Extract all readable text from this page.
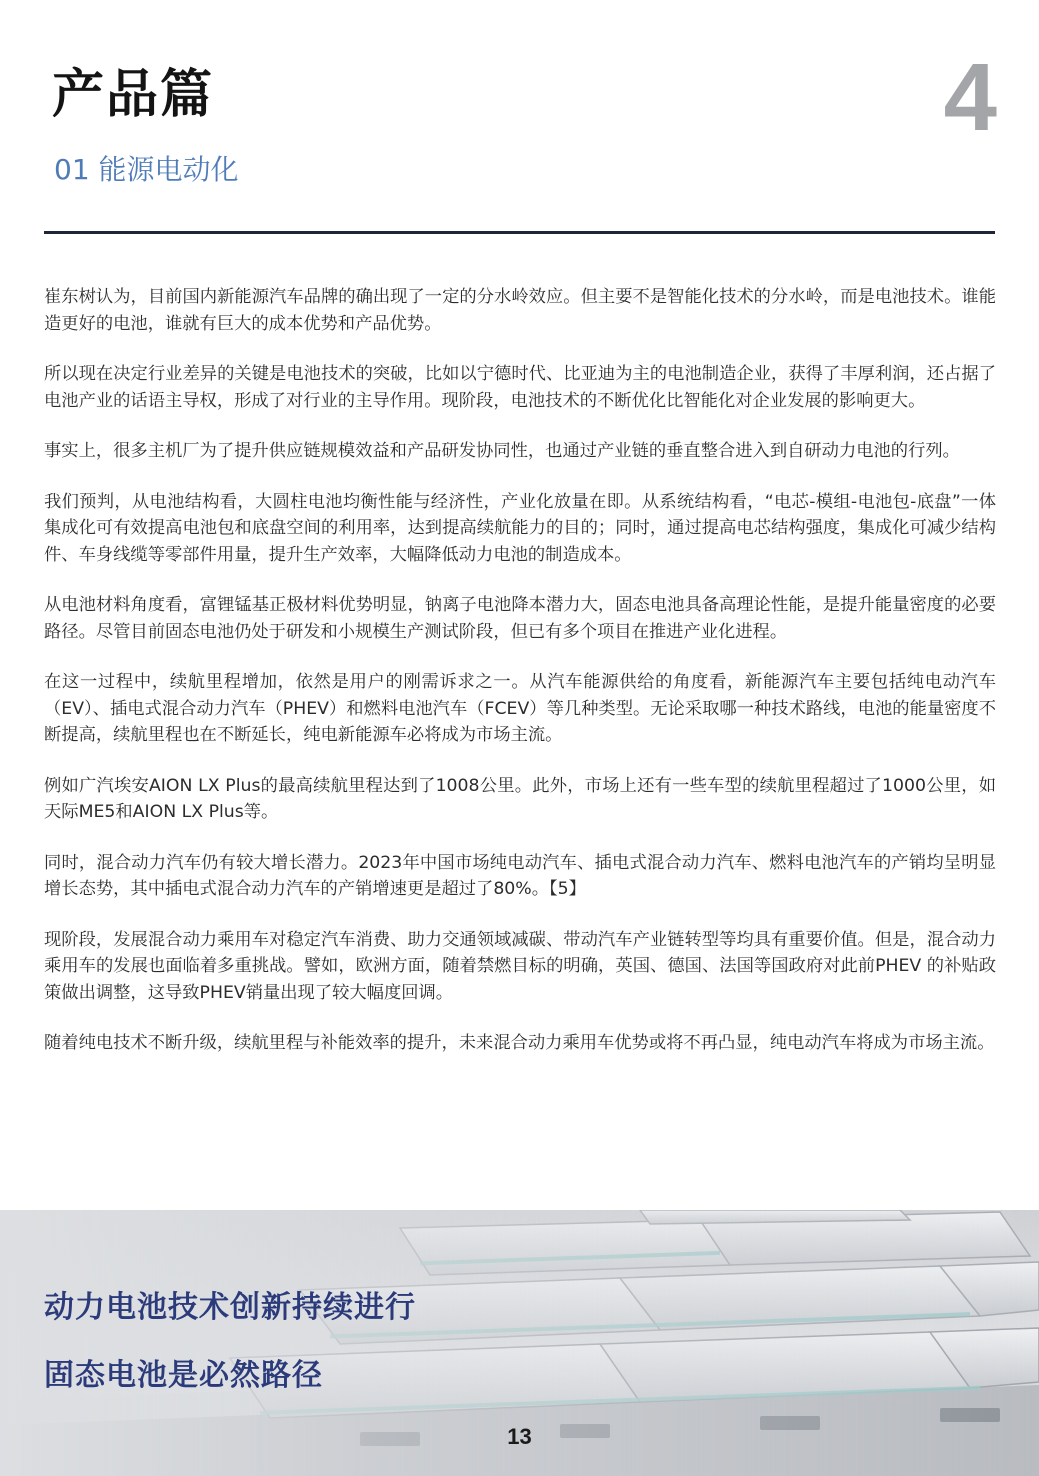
产品篇	4
01 能源电动化

崔东树认为，目前国内新能源汽车品牌的确出现了一定的分水岭效应。但主要不是智能化技术的分水岭，而是电池技术。谁能造更好的电池，谁就有巨大的成本优势和产品优势。

所以现在决定行业差异的关键是电池技术的突破，比如以宁德时代、比亚迪为主的电池制造企业，获得了丰厚利润，还占据了电池产业的话语主导权，形成了对行业的主导作用。现阶段，电池技术的不断优化比智能化对企业发展的影响更大。

事实上，很多主机厂为了提升供应链规模效益和产品研发协同性，也通过产业链的垂直整合进入到自研动力电池的行列。

我们预判，从电池结构看，大圆柱电池均衡性能与经济性，产业化放量在即。从系统结构看，“电芯-模组-电池包-底盘”一体集成化可有效提高电池包和底盘空间的利用率，达到提高续航能力的目的；同时，通过提高电芯结构强度，集成化可减少结构件、车身线缆等零部件用量，提升生产效率，大幅降低动力电池的制造成本。

从电池材料角度看，富锂锰基正极材料优势明显，钠离子电池降本潜力大，固态电池具备高理论性能，是提升能量密度的必要路径。尽管目前固态电池仍处于研发和小规模生产测试阶段，但已有多个项目在推进产业化进程。

在这一过程中，续航里程增加，依然是用户的刚需诉求之一。从汽车能源供给的角度看，新能源汽车主要包括纯电动汽车（EV）、插电式混合动力汽车（PHEV）和燃料电池汽车（FCEV）等几种类型。无论采取哪一种技术路线，电池的能量密度不断提高，续航里程也在不断延长，纯电新能源车必将成为市场主流。

例如广汽埃安AION LX Plus的最高续航里程达到了1008公里。此外，市场上还有一些车型的续航里程超过了1000公里，如天际ME5和AION LX Plus等。

同时，混合动力汽车仍有较大增长潜力。2023年中国市场纯电动汽车、插电式混合动力汽车、燃料电池汽车的产销均呈明显增长态势，其中插电式混合动力汽车的产销增速更是超过了80%。【5】

现阶段，发展混合动力乘用车对稳定汽车消费、助力交通领域减碳、带动汽车产业链转型等均具有重要价值。但是，混合动力乘用车的发展也面临着多重挑战。譬如，欧洲方面，随着禁燃目标的明确，英国、德国、法国等国政府对此前PHEV 的补贴政策做出调整，这导致PHEV销量出现了较大幅度回调。

随着纯电技术不断升级，续航里程与补能效率的提升，未来混合动力乘用车优势或将不再凸显，纯电动汽车将成为市场主流。

动力电池技术创新持续进行
固态电池是必然路径
13
